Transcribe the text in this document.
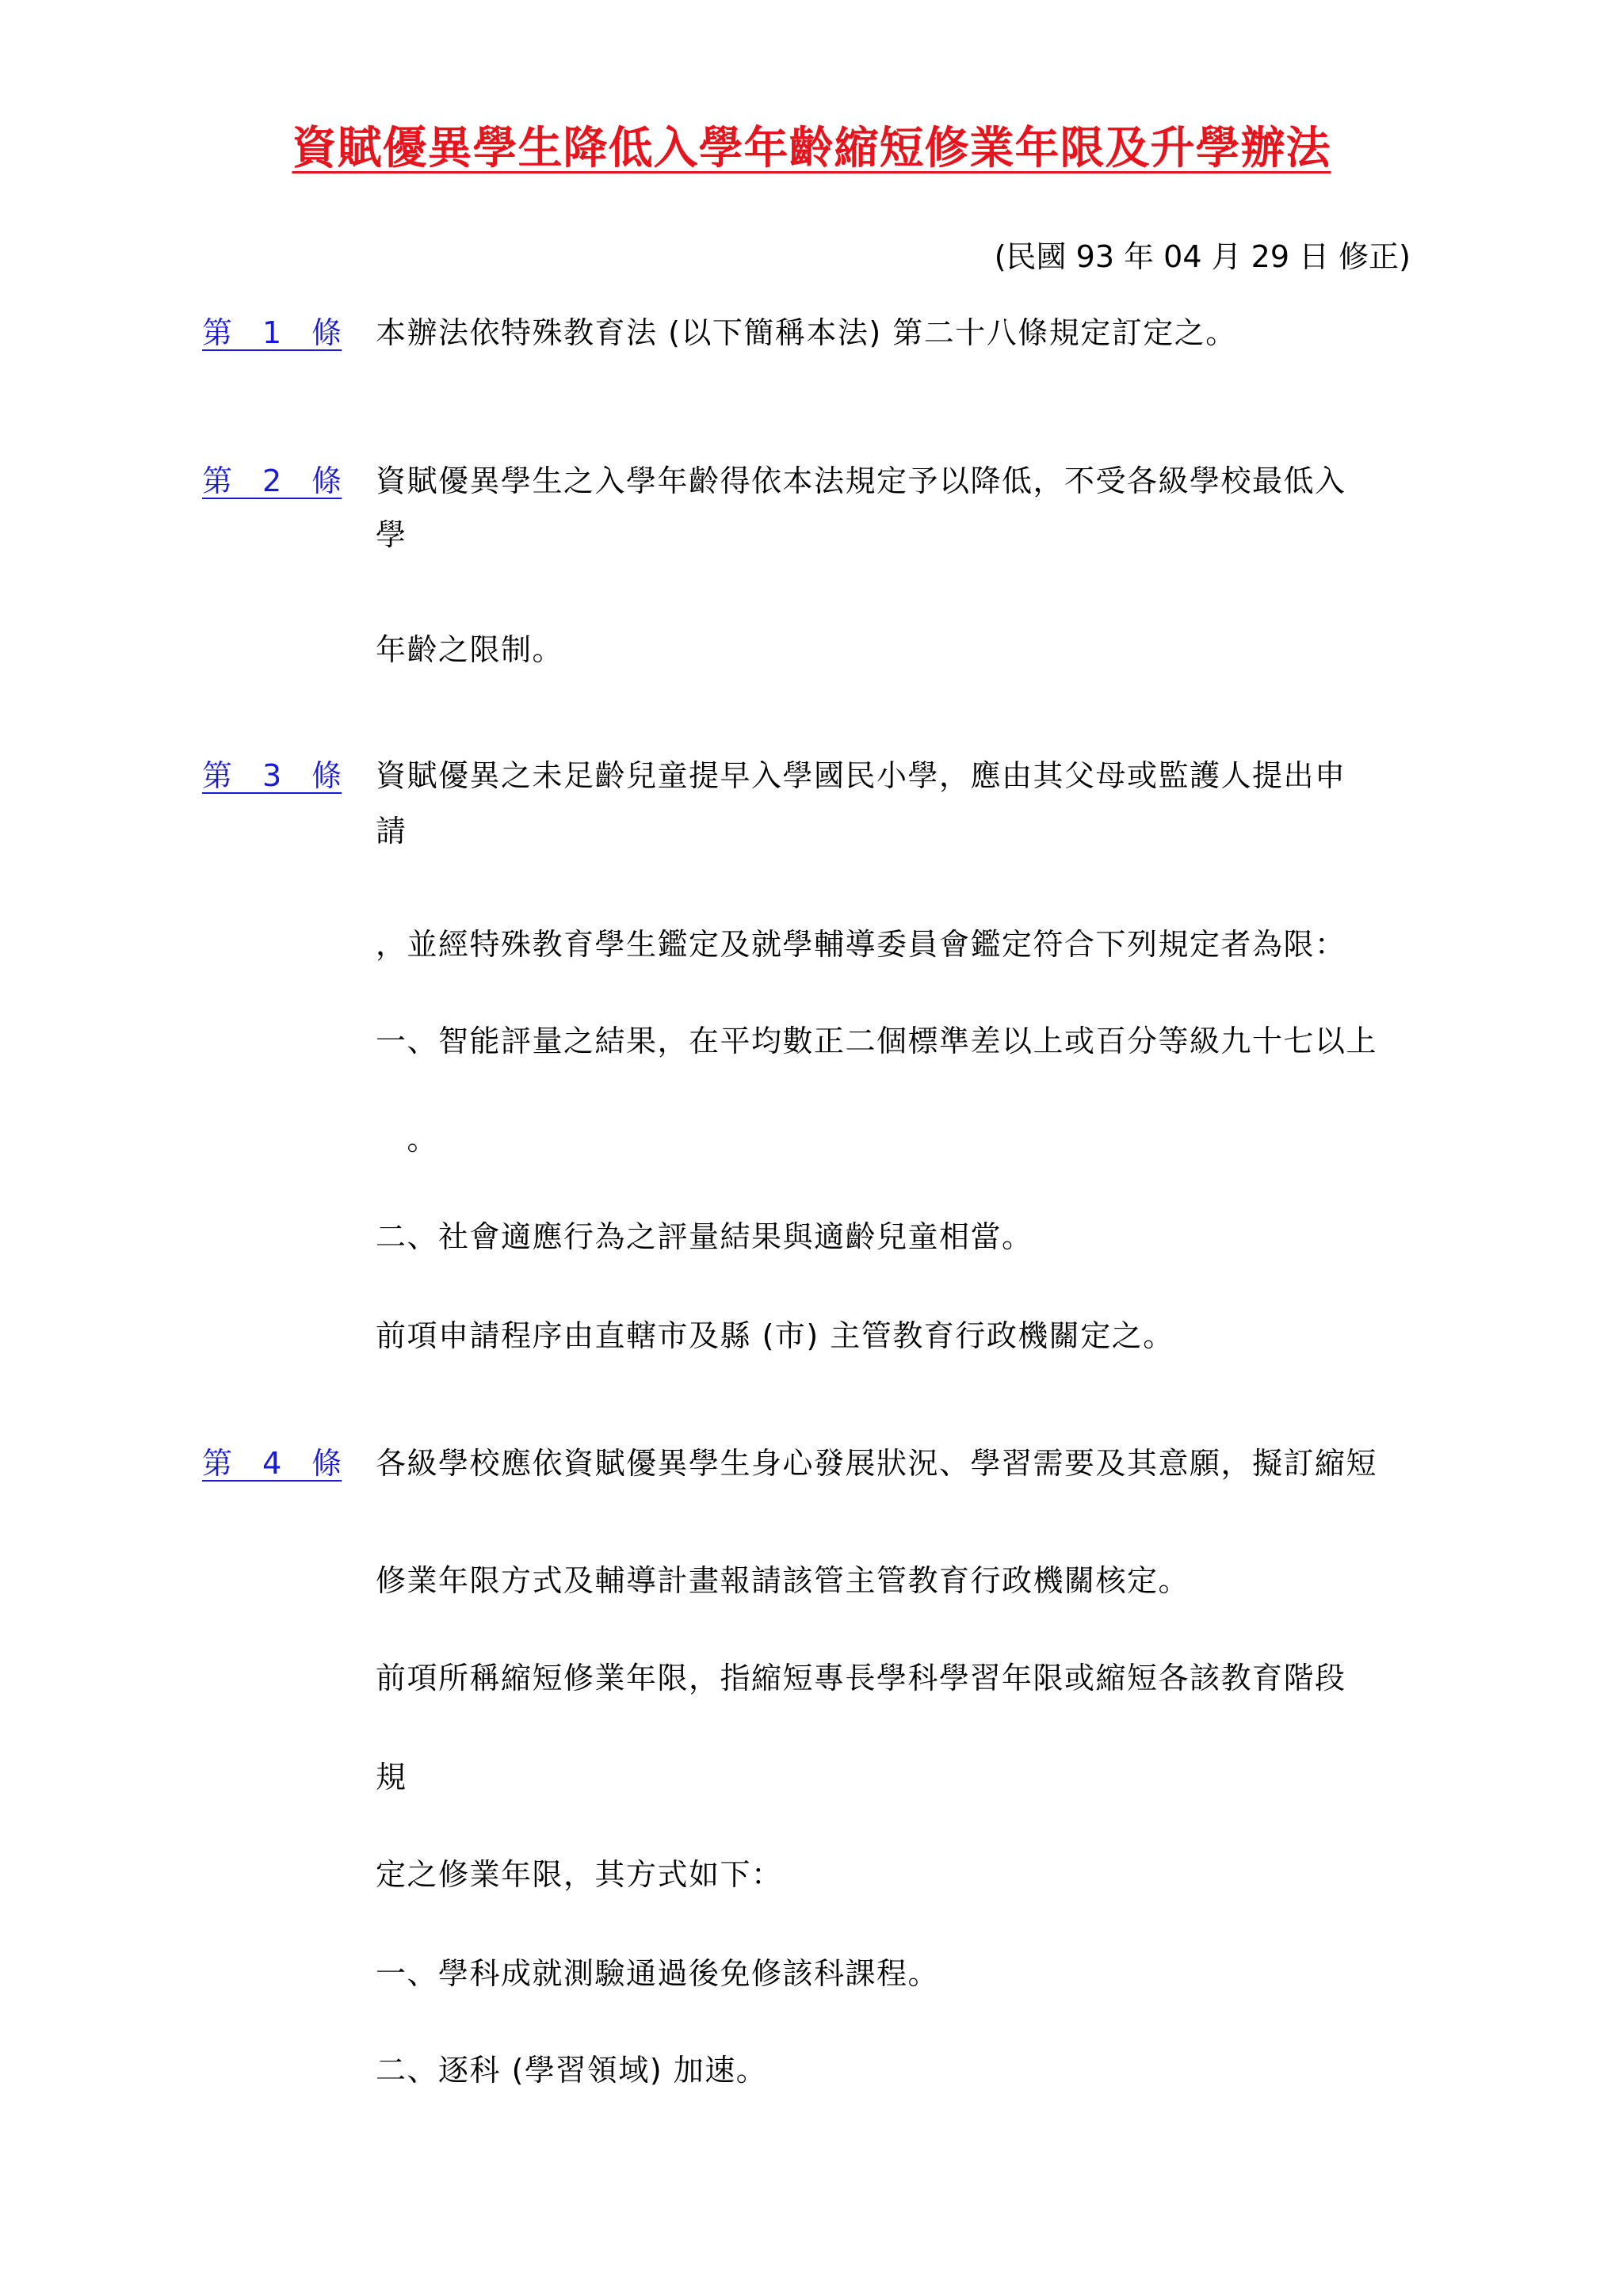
資賦優異學生降低入學年齡縮短修業年限及升學辦法
(民國 93 年 04 月 29 日 修正)
第　1　條 本辦法依特殊教育法 (以下簡稱本法) 第二十八條規定訂定之。
第　2　條 資賦優異學生之入學年齡得依本法規定予以降低，不受各級學校最低入
學
年齡之限制。
第　3　條 資賦優異之未足齡兒童提早入學國民小學，應由其父母或監護人提出申
請
，並經特殊教育學生鑑定及就學輔導委員會鑑定符合下列規定者為限：
一、智能評量之結果，在平均數正二個標準差以上或百分等級九十七以上
　。
二、社會適應行為之評量結果與適齡兒童相當。
前項申請程序由直轄市及縣 (市) 主管教育行政機關定之。
第　4　條 各級學校應依資賦優異學生身心發展狀況、學習需要及其意願，擬訂縮短
修業年限方式及輔導計畫報請該管主管教育行政機關核定。
前項所稱縮短修業年限，指縮短專長學科學習年限或縮短各該教育階段
規
定之修業年限，其方式如下：
一、學科成就測驗通過後免修該科課程。
二、逐科 (學習領域) 加速。
